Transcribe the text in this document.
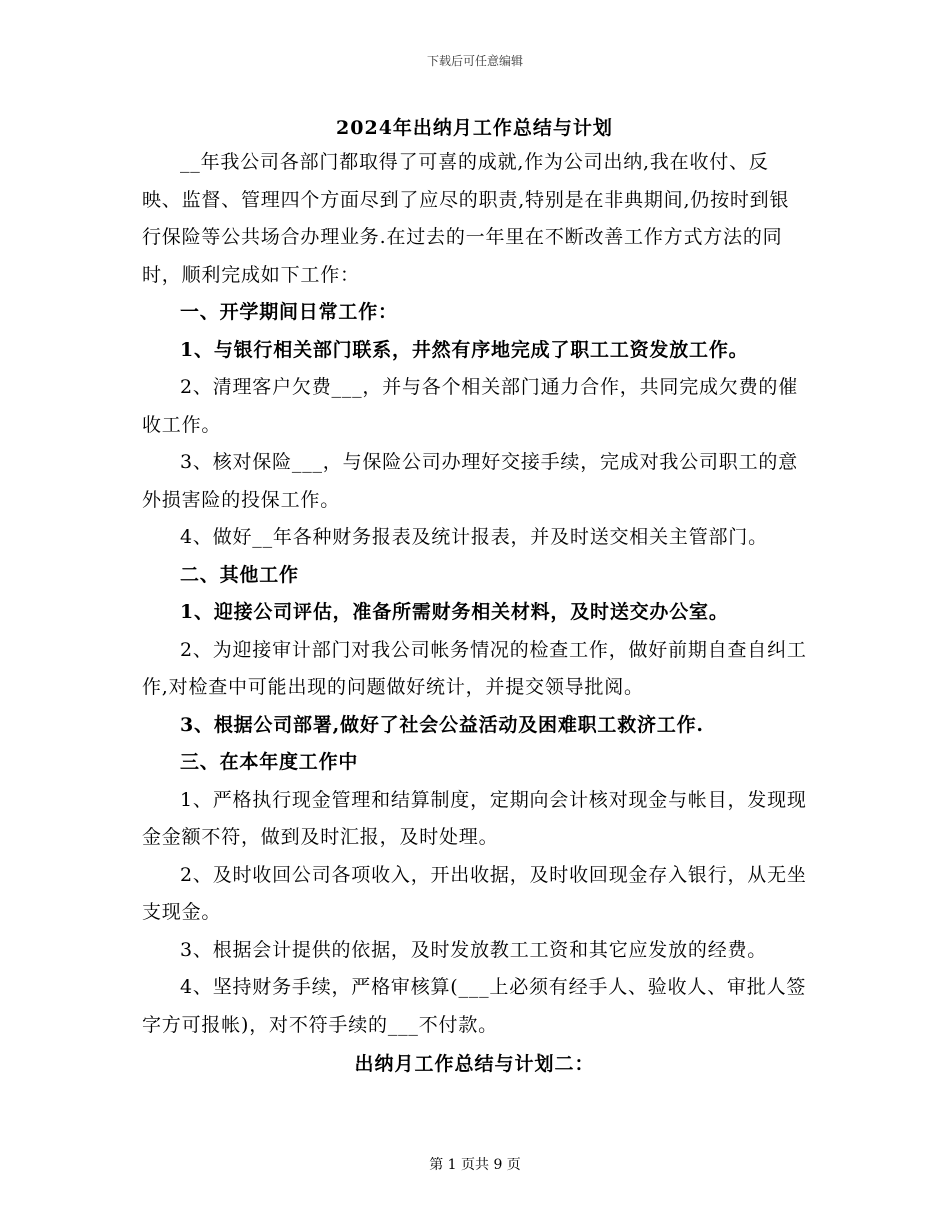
下载后可任意编辑
2024年出纳月工作总结与计划

__年我公司各部门都取得了可喜的成就,作为公司出纳,我在收付、反映、监督、管理四个方面尽到了应尽的职责,特别是在非典期间,仍按时到银行保险等公共场合办理业务.在过去的一年里在不断改善工作方式方法的同时，顺利完成如下工作：

一、开学期间日常工作：

1、与银行相关部门联系，井然有序地完成了职工工资发放工作。

2、清理客户欠费___，并与各个相关部门通力合作，共同完成欠费的催收工作。

3、核对保险___，与保险公司办理好交接手续，完成对我公司职工的意外损害险的投保工作。

4、做好__年各种财务报表及统计报表，并及时送交相关主管部门。

二、其他工作

1、迎接公司评估，准备所需财务相关材料，及时送交办公室。

2、为迎接审计部门对我公司帐务情况的检查工作，做好前期自查自纠工作,对检查中可能出现的问题做好统计，并提交领导批阅。

3、根据公司部署,做好了社会公益活动及困难职工救济工作.

三、在本年度工作中

1、严格执行现金管理和结算制度，定期向会计核对现金与帐目，发现现金金额不符，做到及时汇报，及时处理。

2、及时收回公司各项收入，开出收据，及时收回现金存入银行，从无坐支现金。

3、根据会计提供的依据，及时发放教工工资和其它应发放的经费。

4、坚持财务手续，严格审核算(___上必须有经手人、验收人、审批人签字方可报帐)，对不符手续的___不付款。

出纳月工作总结与计划二：
第 1 页共 9 页
